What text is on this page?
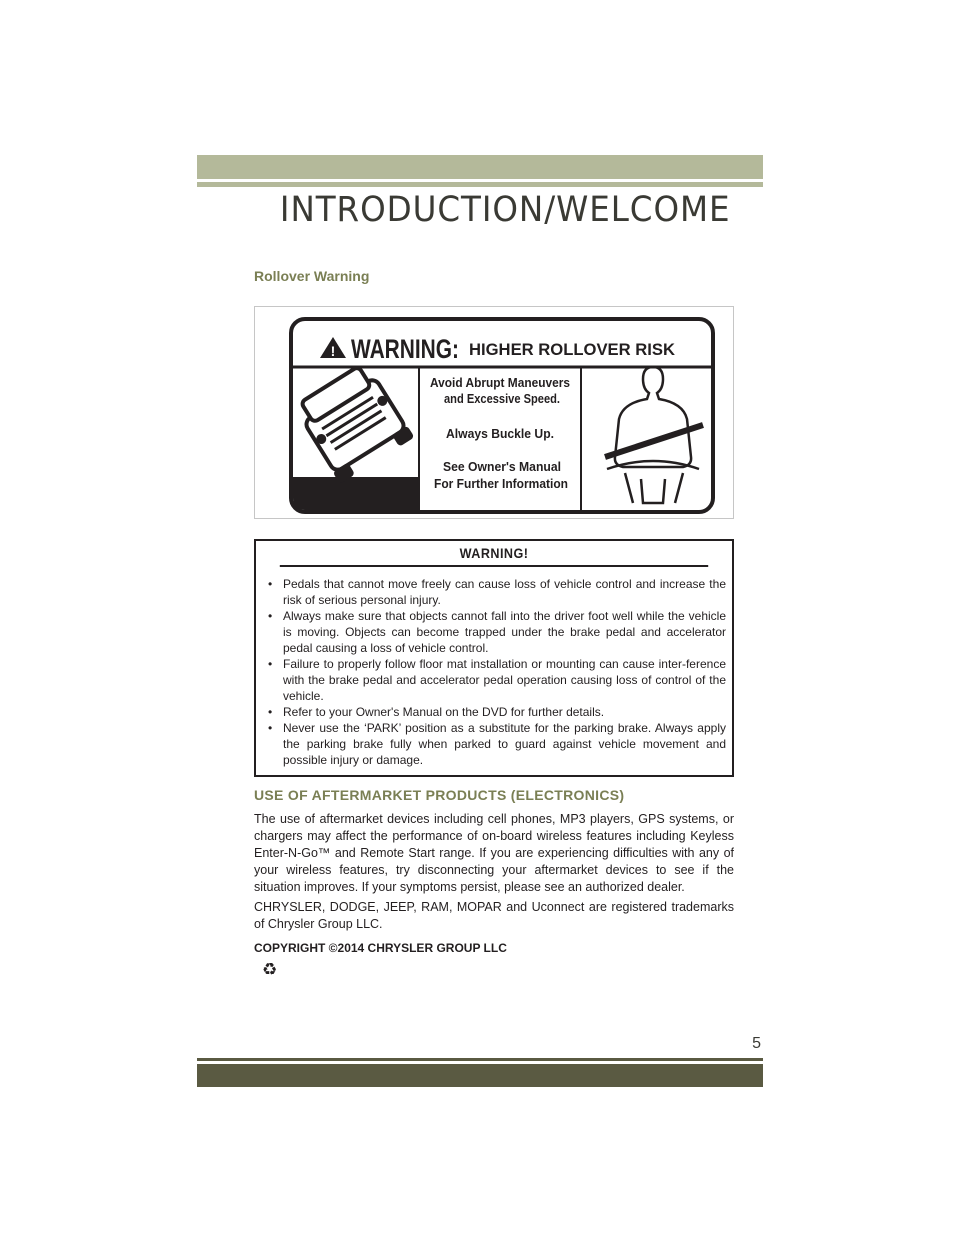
INTRODUCTION/WELCOME
Rollover Warning
! WARNING: HIGHER ROLLOVER RISK
Avoid Abrupt Maneuvers
and Excessive Speed.
Always Buckle Up.
See Owner's Manual
For Further Information
WARNING!
• Pedals that cannot move freely can cause loss of vehicle control and increase the risk of serious personal injury.
• Always make sure that objects cannot fall into the driver foot well while the vehicle is moving. Objects can become trapped under the brake pedal and accelerator pedal causing a loss of vehicle control.
• Failure to properly follow floor mat installation or mounting can cause inter-ference with the brake pedal and accelerator pedal operation causing loss of control of the vehicle.
• Refer to your Owner's Manual on the DVD for further details.
• Never use the ‘PARK’ position as a substitute for the parking brake. Always apply the parking brake fully when parked to guard against vehicle movement and possible injury or damage.
USE OF AFTERMARKET PRODUCTS (ELECTRONICS)

The use of aftermarket devices including cell phones, MP3 players, GPS systems, or chargers may affect the performance of on-board wireless features including Keyless Enter-N-Go™ and Remote Start range. If you are experiencing difficulties with any of your wireless features, try disconnecting your aftermarket devices to see if the situation improves. If your symptoms persist, please see an authorized dealer.

CHRYSLER, DODGE, JEEP, RAM, MOPAR and Uconnect are registered trademarks of Chrysler Group LLC.

COPYRIGHT ©2014 CHRYSLER GROUP LLC
♻
5
